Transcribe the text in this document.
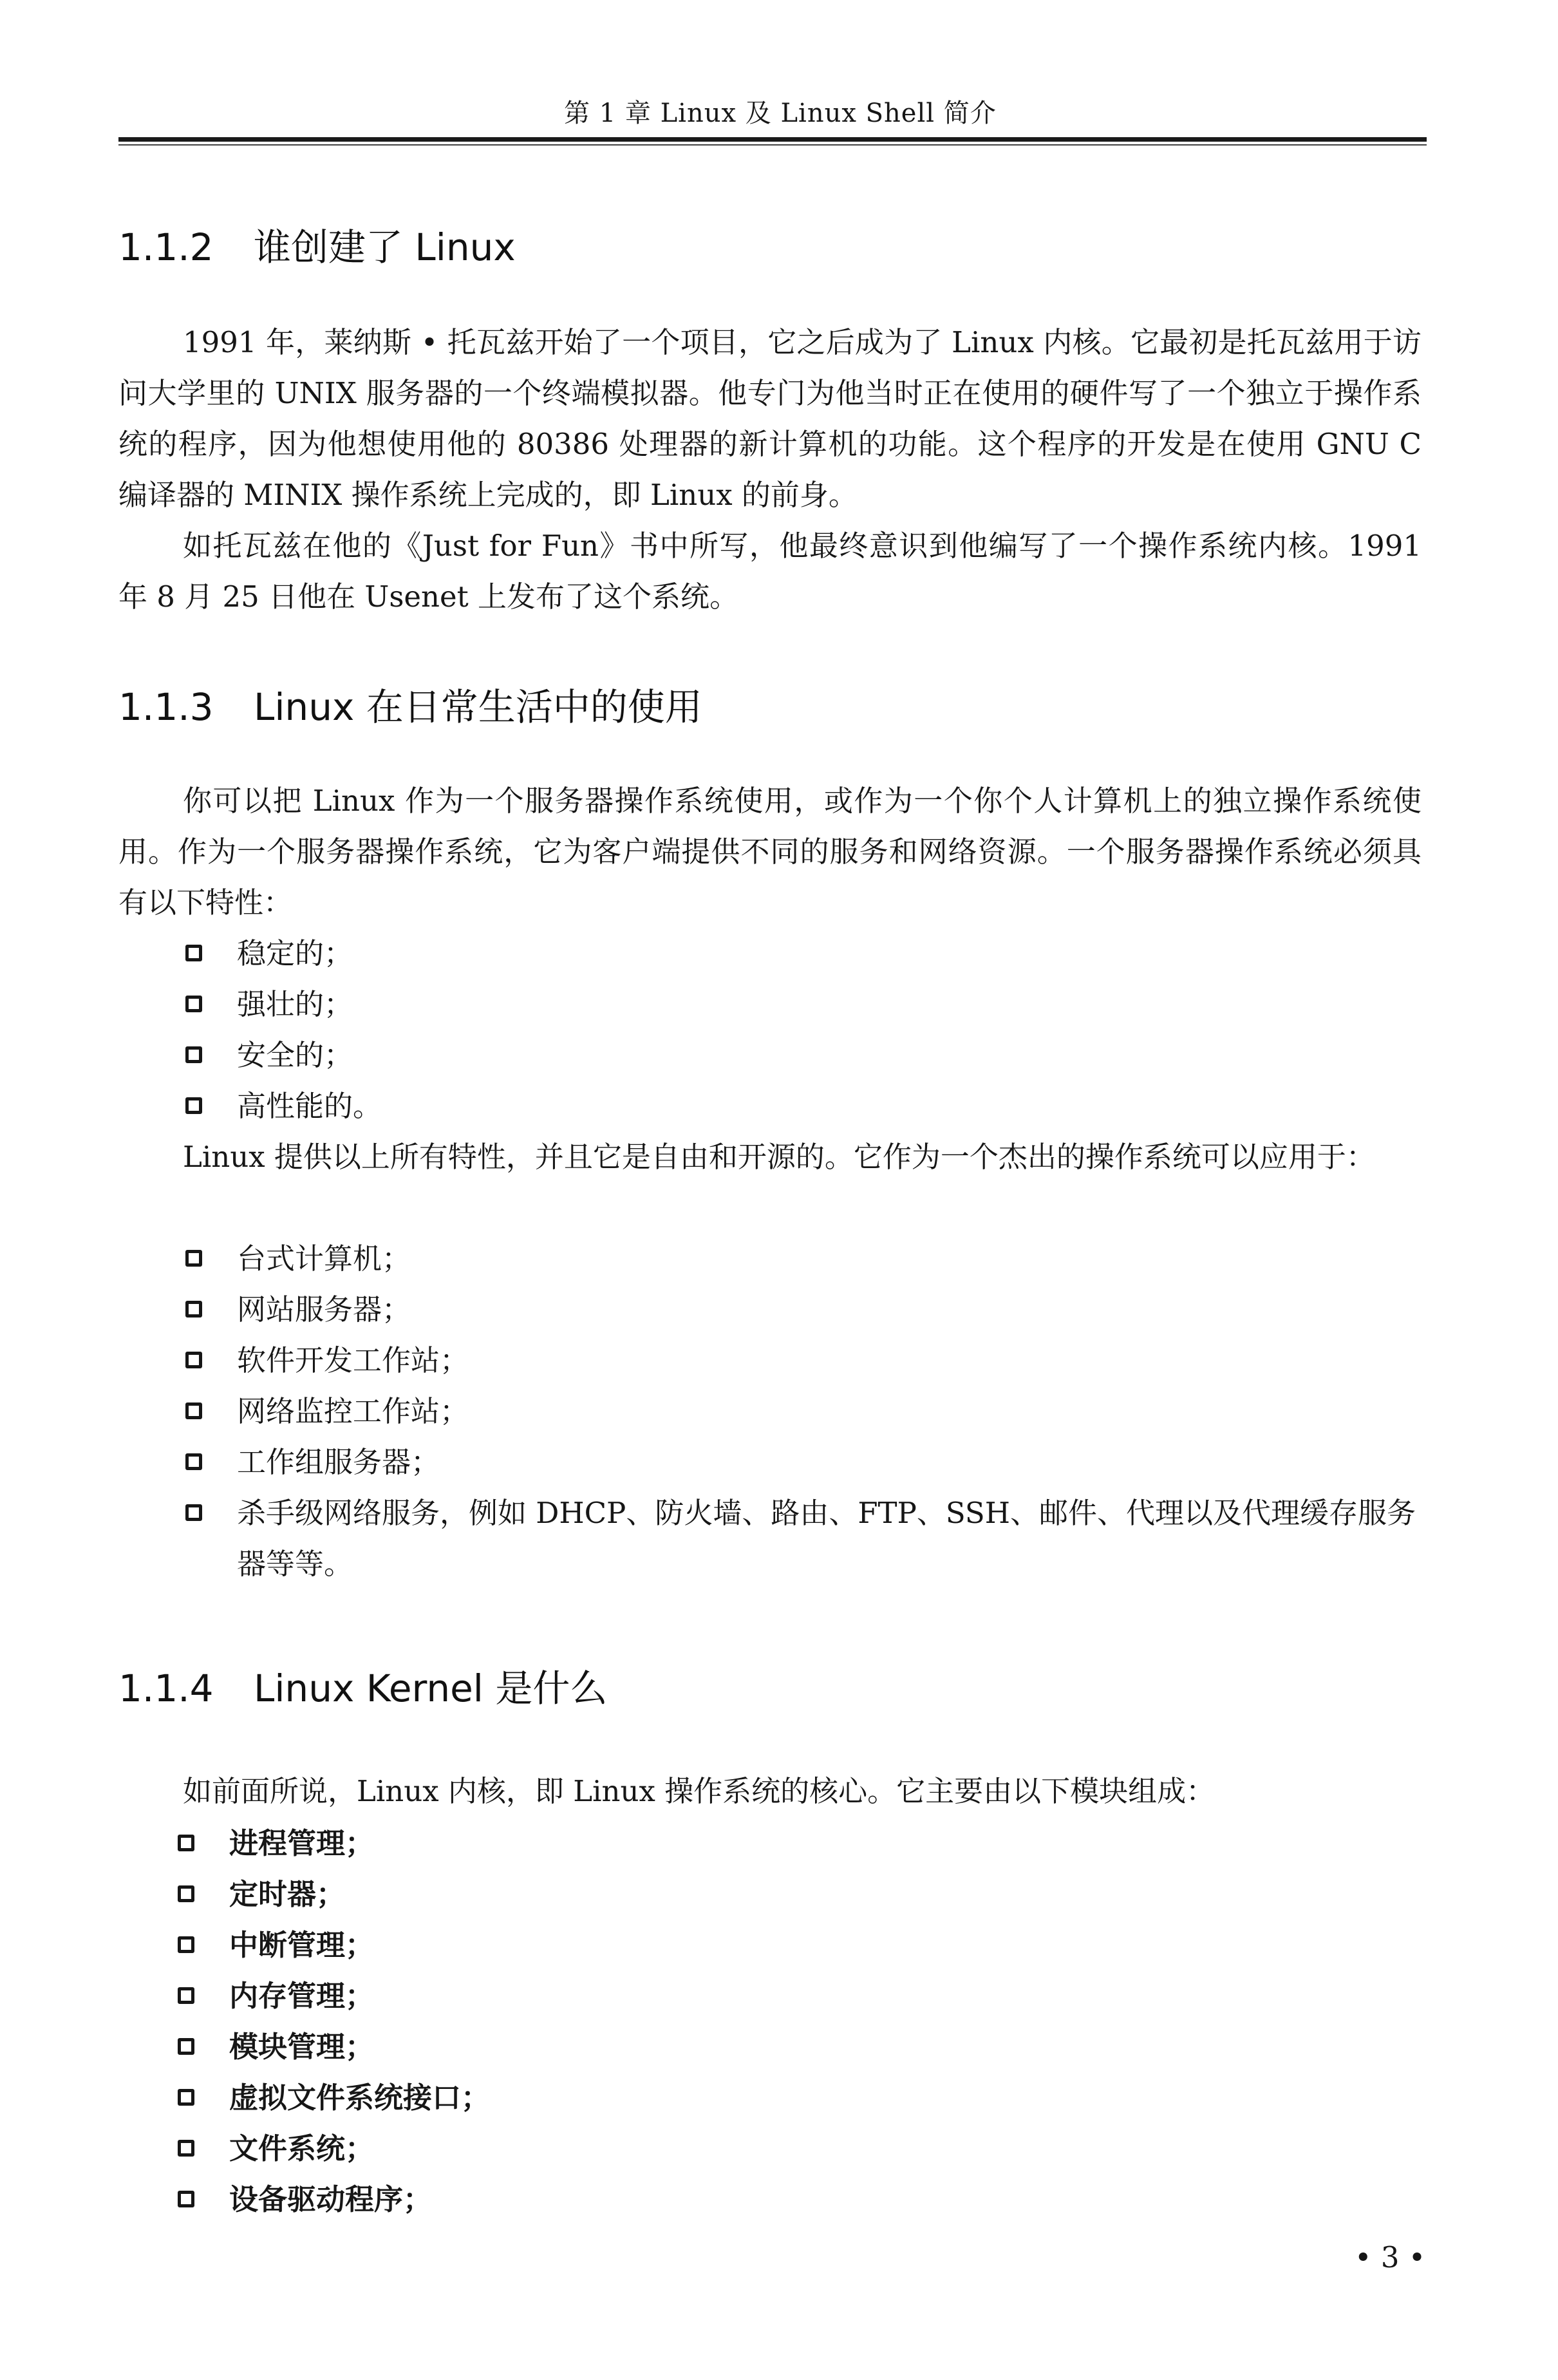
第 1 章 Linux 及 Linux Shell 简介
1.1.2 谁创建了 Linux

1991 年，莱纳斯 • 托瓦兹开始了一个项目，它之后成为了 Linux 内核。它最初是托瓦兹用于访问大学里的 UNIX 服务器的一个终端模拟器。他专门为他当时正在使用的硬件写了一个独立于操作系统的程序，因为他想使用他的 80386 处理器的新计算机的功能。这个程序的开发是在使用 GNU C 编译器的 MINIX 操作系统上完成的，即 Linux 的前身。

如托瓦兹在他的《Just for Fun》书中所写，他最终意识到他编写了一个操作系统内核。1991 年 8 月 25 日他在 Usenet 上发布了这个系统。

1.1.3 Linux 在日常生活中的使用

你可以把 Linux 作为一个服务器操作系统使用，或作为一个你个人计算机上的独立操作系统使用。作为一个服务器操作系统，它为客户端提供不同的服务和网络资源。一个服务器操作系统必须具有以下特性：

稳定的；
强壮的；
安全的；
高性能的。

Linux 提供以上所有特性，并且它是自由和开源的。它作为一个杰出的操作系统可以应用于：

台式计算机；
网站服务器；
软件开发工作站；
网络监控工作站；
工作组服务器；
杀手级网络服务，例如 DHCP、防火墙、路由、FTP、SSH、邮件、代理以及代理缓存服务器等等。
1.1.4 Linux Kernel 是什么

如前面所说，Linux 内核，即 Linux 操作系统的核心。它主要由以下模块组成：

进程管理；
定时器；
中断管理；
内存管理；
模块管理；
虚拟文件系统接口；
文件系统；
设备驱动程序；
• 3 •
